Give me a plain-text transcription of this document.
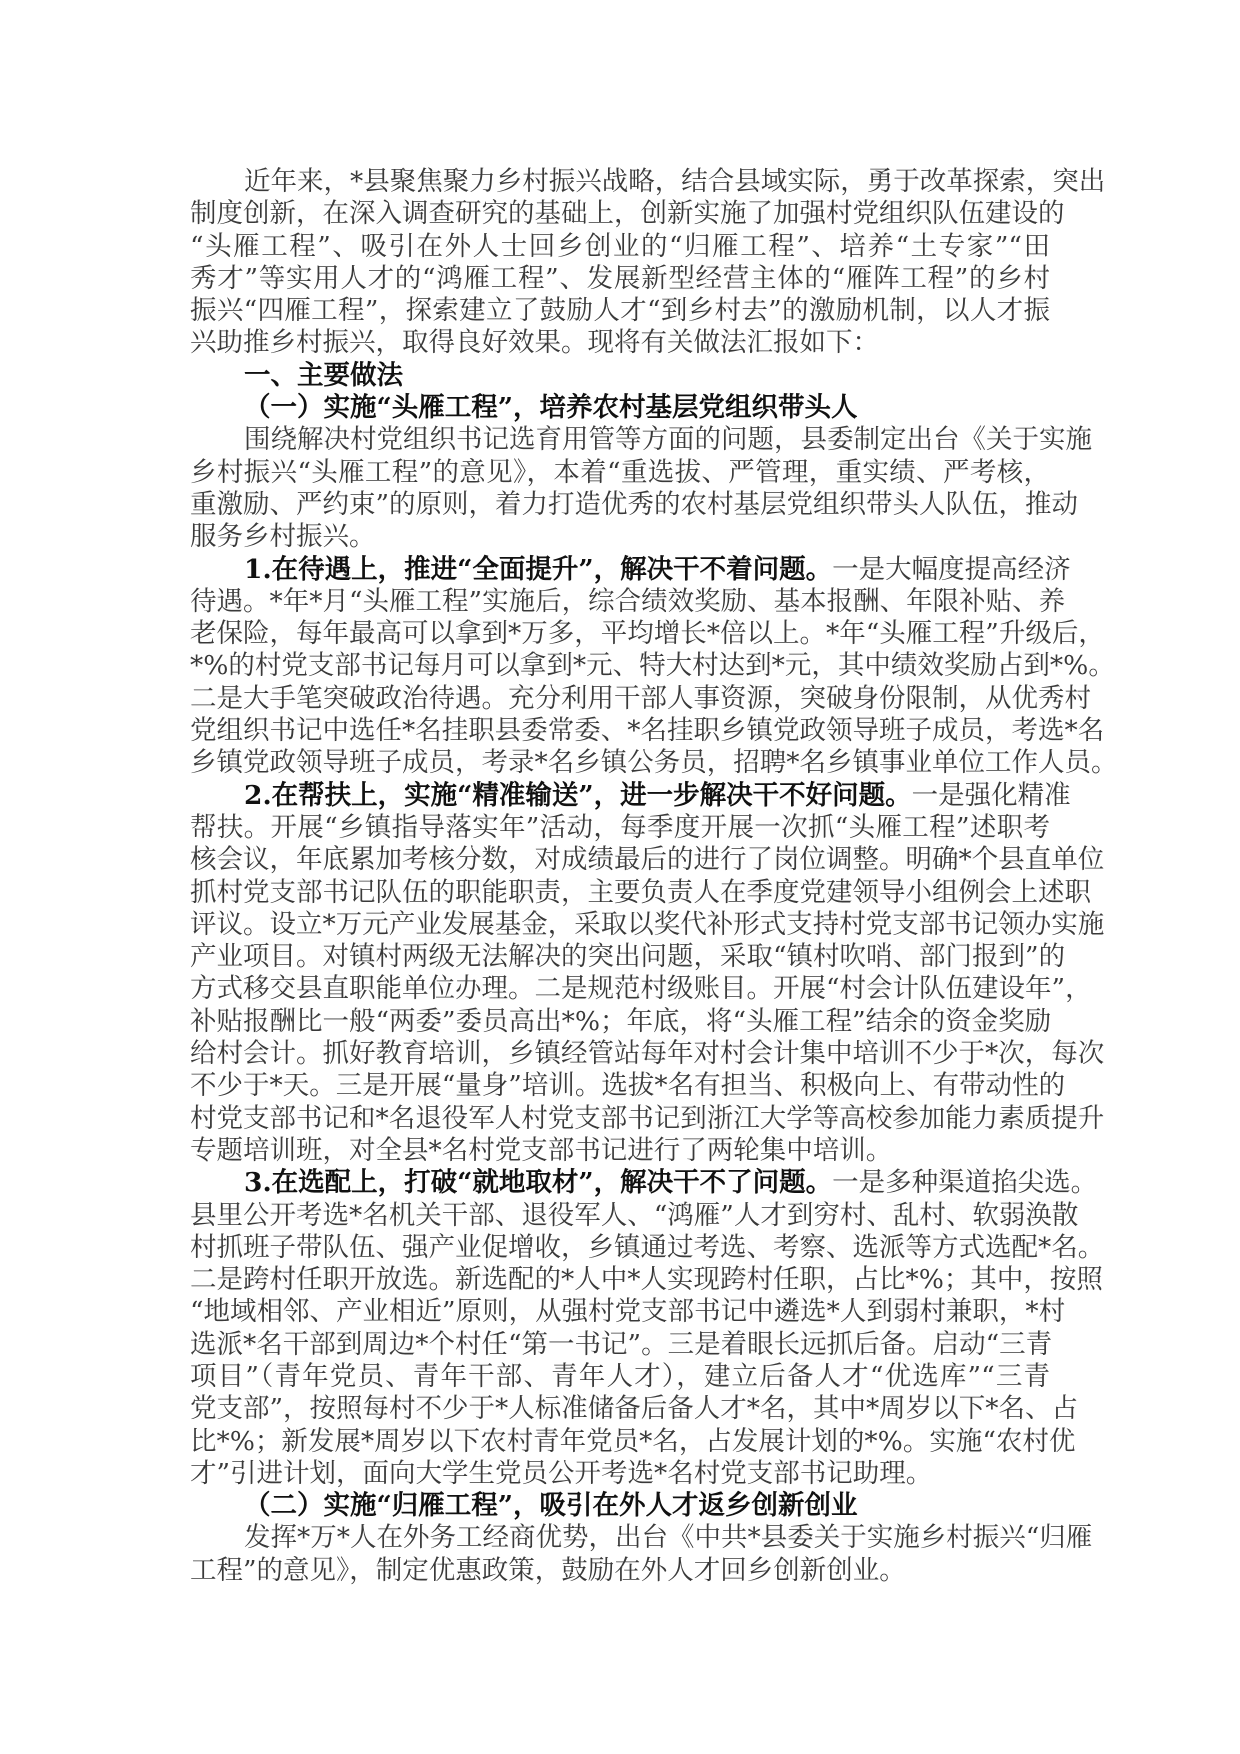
近年来，*县聚焦聚力乡村振兴战略，结合县域实际，勇于改革探索，突出
制度创新，在深入调查研究的基础上，创新实施了加强村党组织队伍建设的
“头雁工程”、吸引在外人士回乡创业的“归雁工程”、培养“土专家”“田
秀才”等实用人才的“鸿雁工程”、发展新型经营主体的“雁阵工程”的乡村
振兴“四雁工程”，探索建立了鼓励人才“到乡村去”的激励机制，以人才振
兴助推乡村振兴，取得良好效果。现将有关做法汇报如下：
一、主要做法
（一）实施“头雁工程”，培养农村基层党组织带头人
围绕解决村党组织书记选育用管等方面的问题，县委制定出台《关于实施
乡村振兴“头雁工程”的意见》，本着“重选拔、严管理，重实绩、严考核，
重激励、严约束”的原则，着力打造优秀的农村基层党组织带头人队伍，推动
服务乡村振兴。
1.在待遇上，推进“全面提升”，解决干不着问题。一是大幅度提高经济
待遇。*年*月“头雁工程”实施后，综合绩效奖励、基本报酬、年限补贴、养
老保险，每年最高可以拿到*万多，平均增长*倍以上。*年“头雁工程”升级后，
*%的村党支部书记每月可以拿到*元、特大村达到*元，其中绩效奖励占到*%。
二是大手笔突破政治待遇。充分利用干部人事资源，突破身份限制，从优秀村
党组织书记中选任*名挂职县委常委、*名挂职乡镇党政领导班子成员，考选*名
乡镇党政领导班子成员，考录*名乡镇公务员，招聘*名乡镇事业单位工作人员。
2.在帮扶上，实施“精准输送”，进一步解决干不好问题。一是强化精准
帮扶。开展“乡镇指导落实年”活动，每季度开展一次抓“头雁工程”述职考
核会议，年底累加考核分数，对成绩最后的进行了岗位调整。明确*个县直单位
抓村党支部书记队伍的职能职责，主要负责人在季度党建领导小组例会上述职
评议。设立*万元产业发展基金，采取以奖代补形式支持村党支部书记领办实施
产业项目。对镇村两级无法解决的突出问题，采取“镇村吹哨、部门报到”的
方式移交县直职能单位办理。二是规范村级账目。开展“村会计队伍建设年”，
补贴报酬比一般“两委”委员高出*%；年底，将“头雁工程”结余的资金奖励
给村会计。抓好教育培训，乡镇经管站每年对村会计集中培训不少于*次，每次
不少于*天。三是开展“量身”培训。选拔*名有担当、积极向上、有带动性的
村党支部书记和*名退役军人村党支部书记到浙江大学等高校参加能力素质提升
专题培训班，对全县*名村党支部书记进行了两轮集中培训。
3.在选配上，打破“就地取材”，解决干不了问题。一是多种渠道掐尖选。
县里公开考选*名机关干部、退役军人、“鸿雁”人才到穷村、乱村、软弱涣散
村抓班子带队伍、强产业促增收，乡镇通过考选、考察、选派等方式选配*名。
二是跨村任职开放选。新选配的*人中*人实现跨村任职，占比*%；其中，按照
“地域相邻、产业相近”原则，从强村党支部书记中遴选*人到弱村兼职，*村
选派*名干部到周边*个村任“第一书记”。三是着眼长远抓后备。启动“三青
项目”（青年党员、青年干部、青年人才），建立后备人才“优选库”“三青
党支部”，按照每村不少于*人标准储备后备人才*名，其中*周岁以下*名、占
比*%；新发展*周岁以下农村青年党员*名，占发展计划的*%。实施“农村优
才”引进计划，面向大学生党员公开考选*名村党支部书记助理。
（二）实施“归雁工程”，吸引在外人才返乡创新创业
发挥*万*人在外务工经商优势，出台《中共*县委关于实施乡村振兴“归雁
工程”的意见》，制定优惠政策，鼓励在外人才回乡创新创业。
